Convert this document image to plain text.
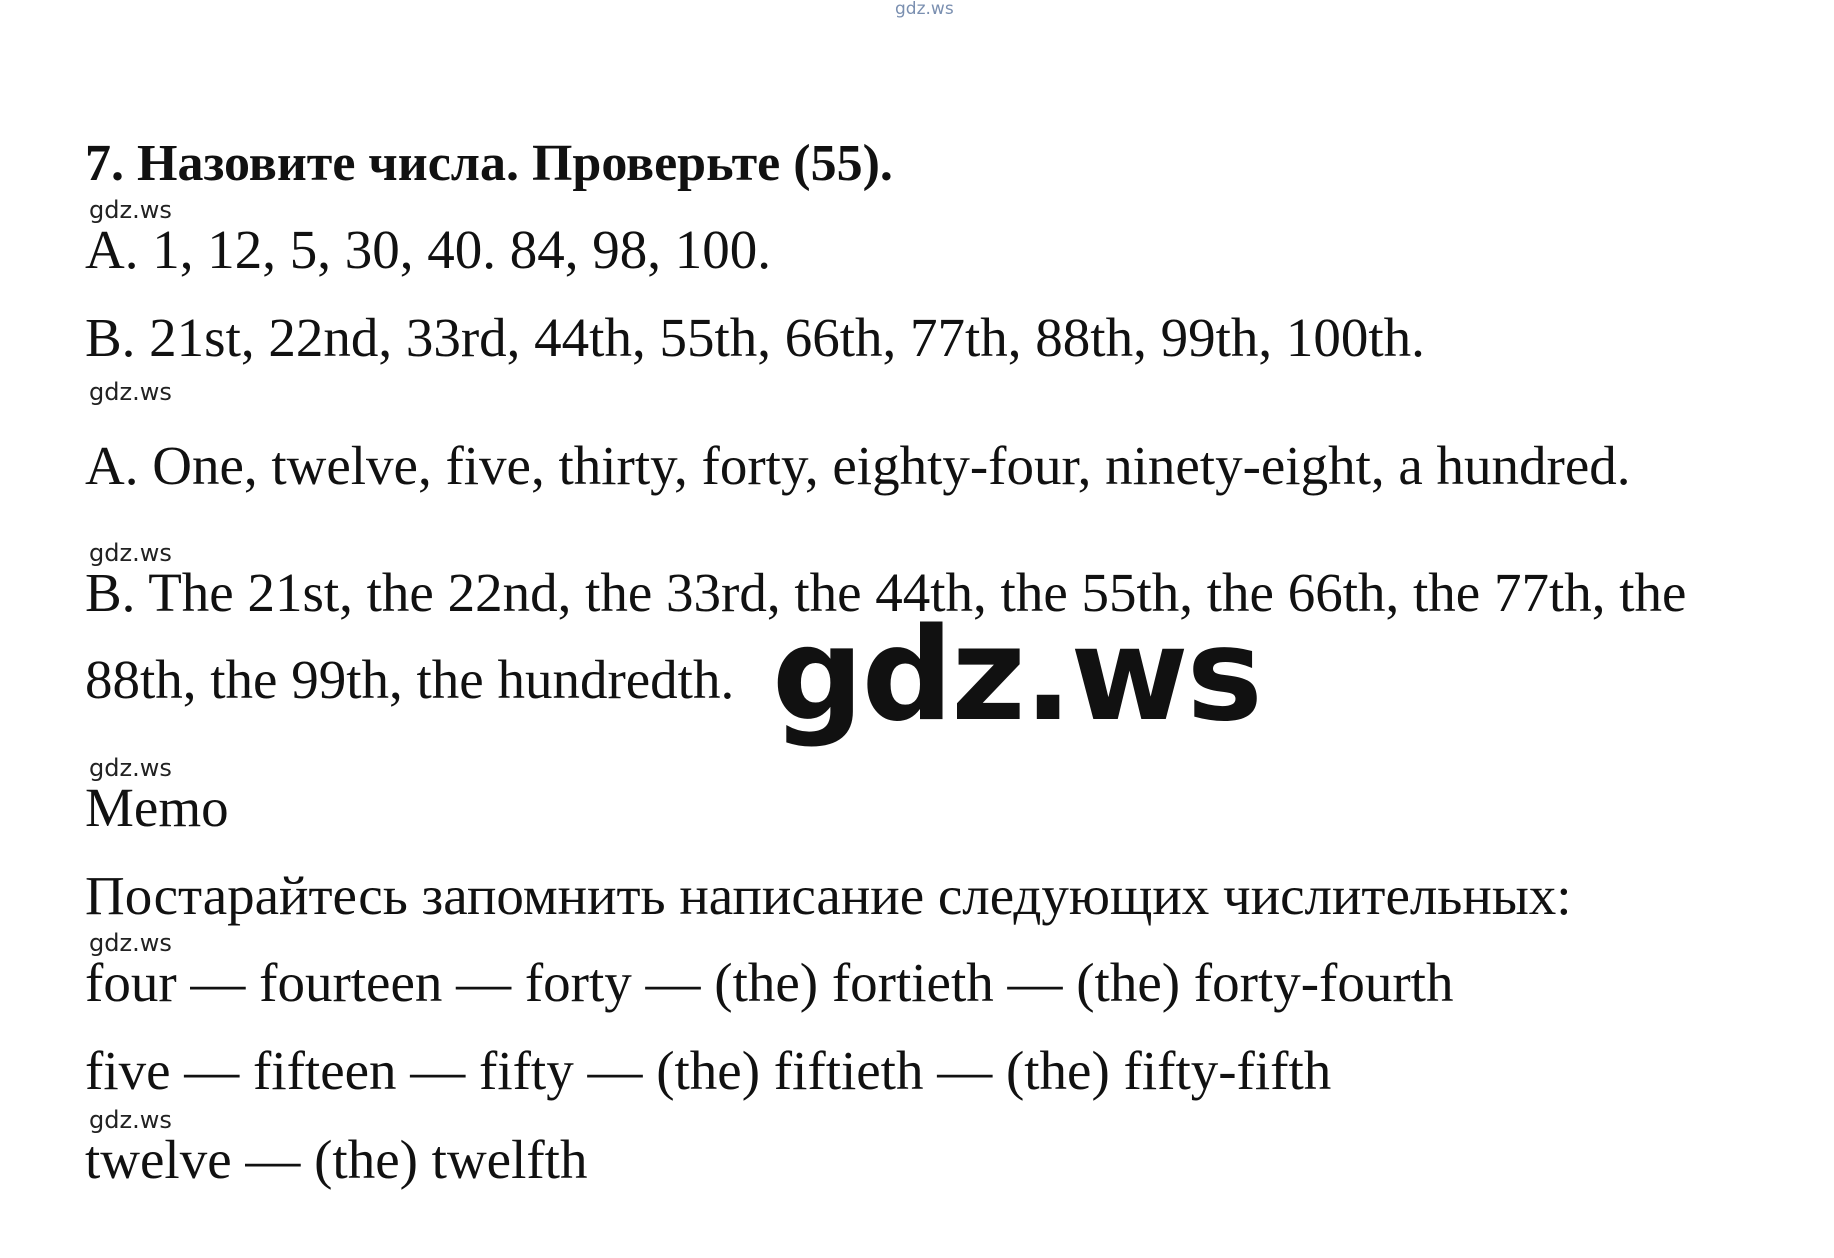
gdz.ws
7. Назовите числа. Проверьте (55).
gdz.ws
A. 1, 12, 5, 30, 40. 84, 98, 100.
B. 21st, 22nd, 33rd, 44th, 55th, 66th, 77th, 88th, 99th, 100th.
gdz.ws
A. One, twelve, five, thirty, forty, eighty-four, ninety-eight, a hundred.
gdz.ws
B. The 21st, the 22nd, the 33rd, the 44th, the 55th, the 66th, the 77th, the
88th, the 99th, the hundredth. gdz.ws
gdz.ws
Memo
Постарайтесь запомнить написание следующих числительных:
gdz.ws
four — fourteen — forty — (the) fortieth — (the) forty-fourth
five — fifteen — fifty — (the) fiftieth — (the) fifty-fifth
gdz.ws
twelve — (the) twelfth
